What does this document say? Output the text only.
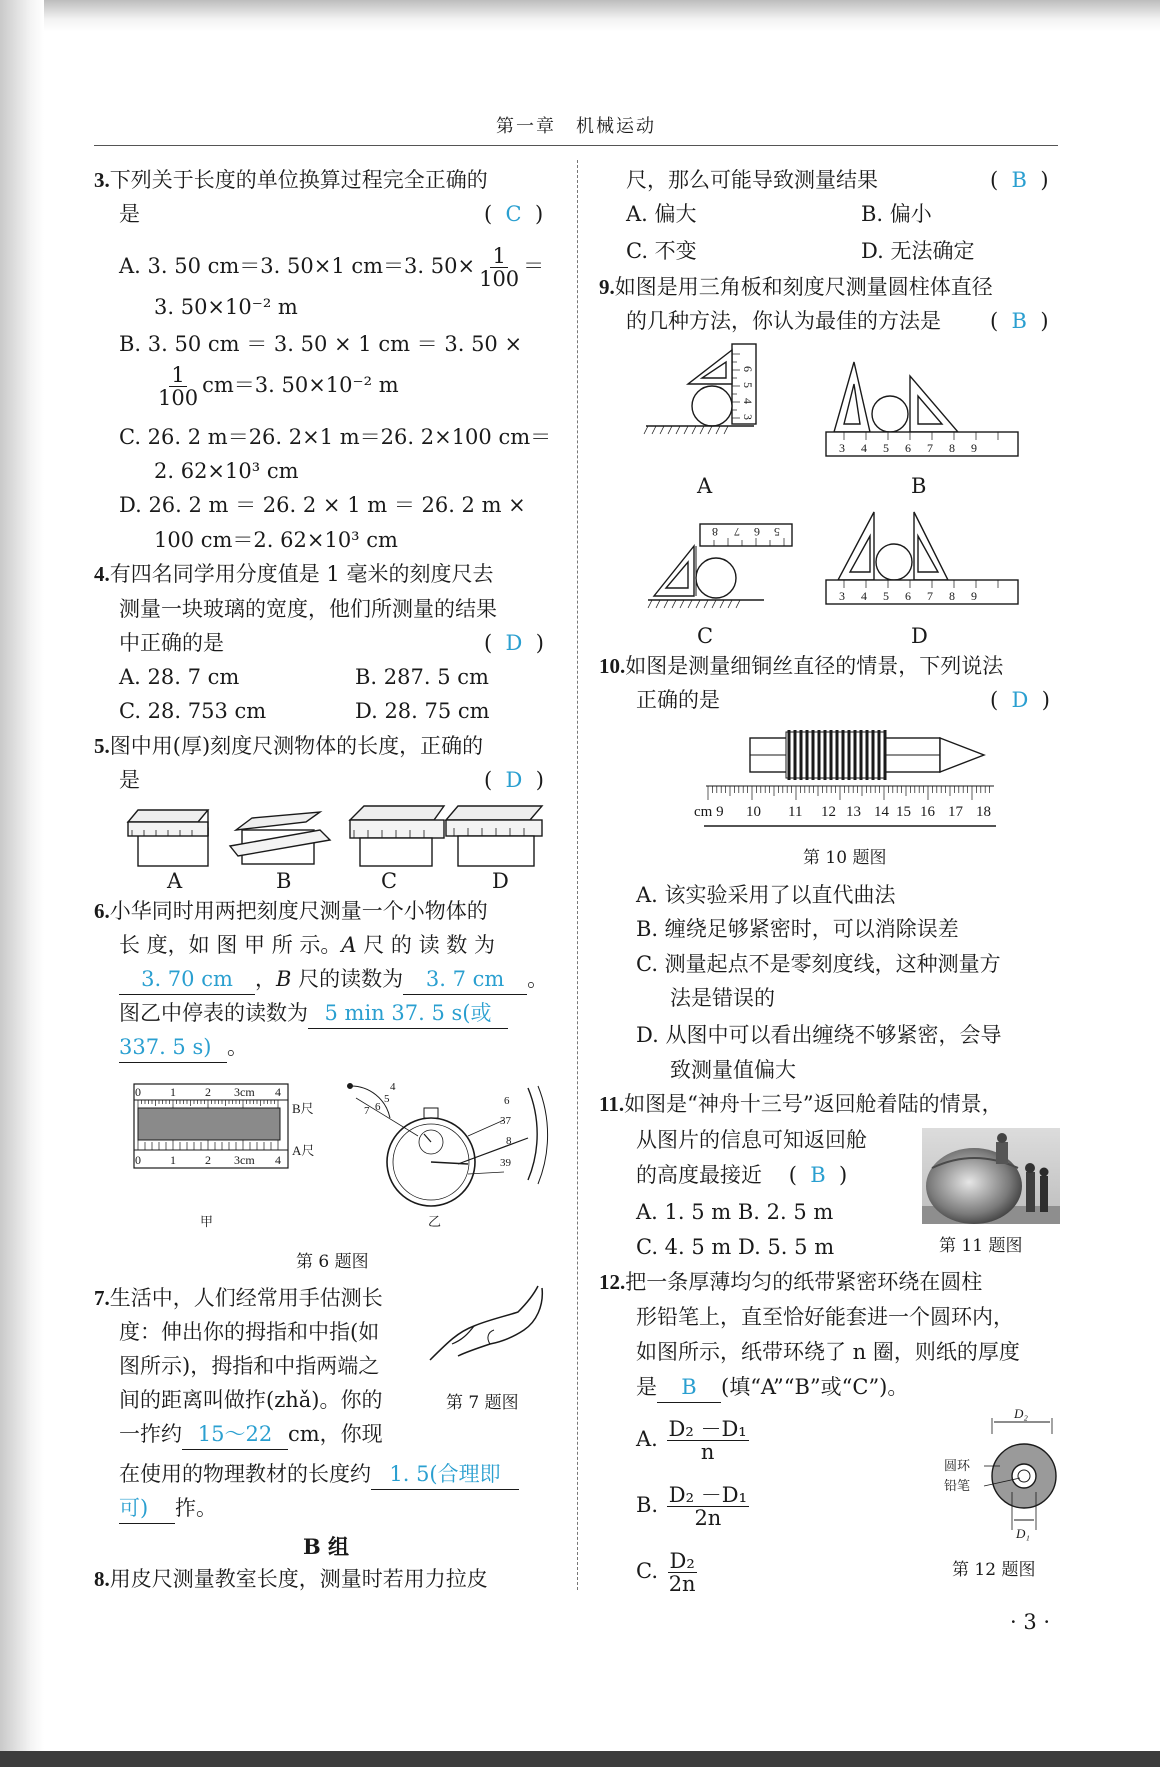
第一章　机械运动
3.下列关于长度的单位换算过程完全正确的
是	(  C  )
A. 3. 50 cm＝3. 50×1 cm＝3. $50\times \frac{1}{100}$ ＝
3. 50×10⁻² m
B. 3. 50 cm ＝ 3. 50 × 1 cm ＝ 3. 50 ×
$\frac{1}{100} cm=3$. 50×10⁻² m
C. 26. 2 m＝26. 2×1 m＝26. 2×100 cm＝
2. 62×10³ cm
D. 26. 2 m ＝ 26. 2 × 1 m ＝ 26. 2 m ×
100 cm＝2. 62×10³ cm
4.有四名同学用分度值是 1 毫米的刻度尺去
测量一块玻璃的宽度，他们所测量的结果
中正确的是	(  D  )
A. 28. 7 cm	B. 287. 5 cm
C. 28. 753 cm	D. 28. 75 cm
5.图中用(厚)刻度尺测物体的长度，正确的
是	(  D  )
A	B	C	D
6.小华同时用两把刻度尺测量一个小物体的
长 度，如 图 甲 所 示。A 尺 的 读 数 为
3. 70 cm ，B 尺的读数为 3. 7 cm 。
图乙中停表的读数为 5 min 37. 5 s(或
337. 5 s) 。
0 1 2 3cm 4
0 1 2 3cm 4
B尺
A尺
甲	乙
4
5
6
7
6
37
8
39
第 6 题图
7.生活中，人们经常用手估测长
度：伸出你的拇指和中指(如
图所示)，拇指和中指两端之
间的距离叫做拃(zhǎ)。你的
一拃约 15～22 cm，你现
在使用的物理教材的长度约 1. 5(合理即
可) 拃。
第 7 题图
B 组
8.用皮尺测量教室长度，测量时若用力拉皮
尺，那么可能导致测量结果	(  B  )
A. 偏大	B. 偏小
C. 不变	D. 无法确定
9.如图是用三角板和刻度尺测量圆柱体直径
的几种方法，你认为最佳的方法是 (  B  )
6
5
4
3
3 4 5 6 7 8 9
8 7 6 5
3 4 5 6 7 8 9
A	B
C	D
10.如图是测量细铜丝直径的情景，下列说法
正确的是	(  D  )
cm 9 10 11 12 13 14 15 16 17 18
第 10 题图
A. 该实验采用了以直代曲法
B. 缠绕足够紧密时，可以消除误差
C. 测量起点不是零刻度线，这种测量方
法是错误的
D. 从图中可以看出缠绕不够紧密，会导
致测量值偏大
11.如图是“神舟十三号”返回舱着陆的情景，
从图片的信息可知返回舱
的高度最接近    (  B  )
A. 1. 5 m B. 2. 5 m
C. 4. 5 m D. 5. 5 m	第 11 题图
12.把一条厚薄均匀的纸带紧密环绕在圆柱
形铅笔上，直至恰好能套进一个圆环内，
如图所示，纸带环绕了 n 圈，则纸的厚度
是 B (填“A”“B”或“C”)。
A. $\frac{\text{D₂ －D₁}}{n}$
B. $\frac{\text{D₂ －D₁}}{2n}$
C. $\frac{\text{D₂}}{2n}$
D₂
D₁
圆环
铅笔
第 12 题图
· 3 ·
